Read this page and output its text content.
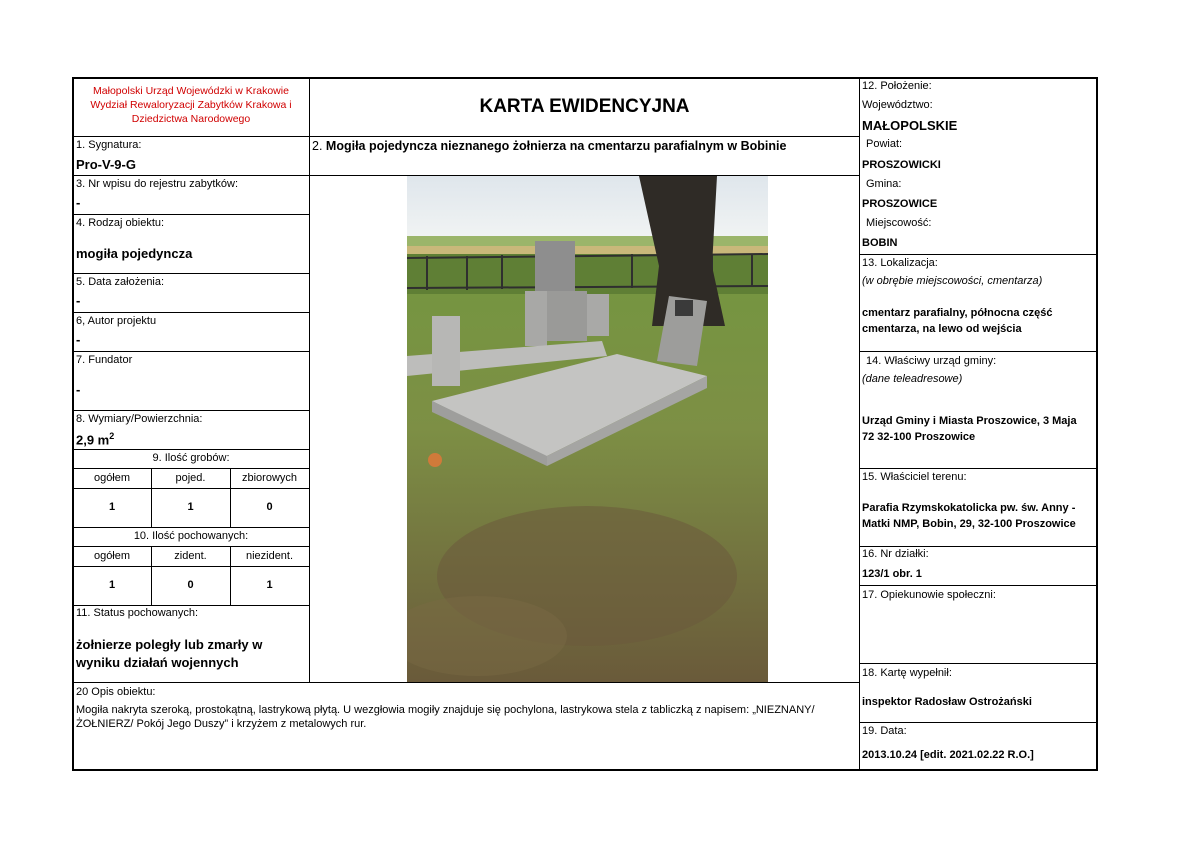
Małopolski Urząd Wojewódzki w Krakowie
Wydział Rewaloryzacji Zabytków Krakowa i
Dziedzictwa Narodowego
KARTA EWIDENCYJNA
2. Mogiła pojedyncza nieznanego żołnierza na cmentarzu parafialnym w Bobinie
1. Sygnatura:
Pro-V-9-G
3. Nr wpisu do rejestru zabytków:
-
4. Rodzaj obiektu:
mogiła pojedyncza
5. Data założenia:
-
6, Autor projektu
-
7. Fundator
-
8. Wymiary/Powierzchnia:
2,9 $m^2$
9. Ilość grobów:
ogółem	pojed.	zbiorowych
1	1	0
10. Ilość pochowanych:
ogółem	zident.	niezident.
1	0	1
11. Status pochowanych:
żołnierze poległy lub zmarły w
wyniku działań wojennych
12. Położenie:
Województwo:
MAŁOPOLSKIE
Powiat:
PROSZOWICKI
Gmina:
PROSZOWICE
Miejscowość:
BOBIN
13. Lokalizacja:
(w obrębie miejscowości, cmentarza)
cmentarz parafialny, północna część
cmentarza, na lewo od wejścia
14. Właściwy urząd gminy:
(dane teleadresowe)
Urząd Gminy i Miasta Proszowice, 3 Maja
72 32-100 Proszowice
15. Właściciel terenu:
Parafia Rzymskokatolicka pw. św. Anny -
Matki NMP, Bobin, 29, 32-100 Proszowice
16. Nr działki:
123/1 obr. 1
17. Opiekunowie społeczni:
18. Kartę wypełnił:
inspektor Radosław Ostrożański
19. Data:
2013.10.24 [edit. 2021.02.22 R.O.]
20 Opis obiektu:
Mogiła nakryta szeroką, prostokątną, lastrykową płytą. U wezgłowia mogiły znajduje się pochylona, lastrykowa stela z tabliczką z napisem: „NIEZNANY/
ŻOŁNIERZ/ Pokój Jego Duszy” i krzyżem z metalowych rur.
